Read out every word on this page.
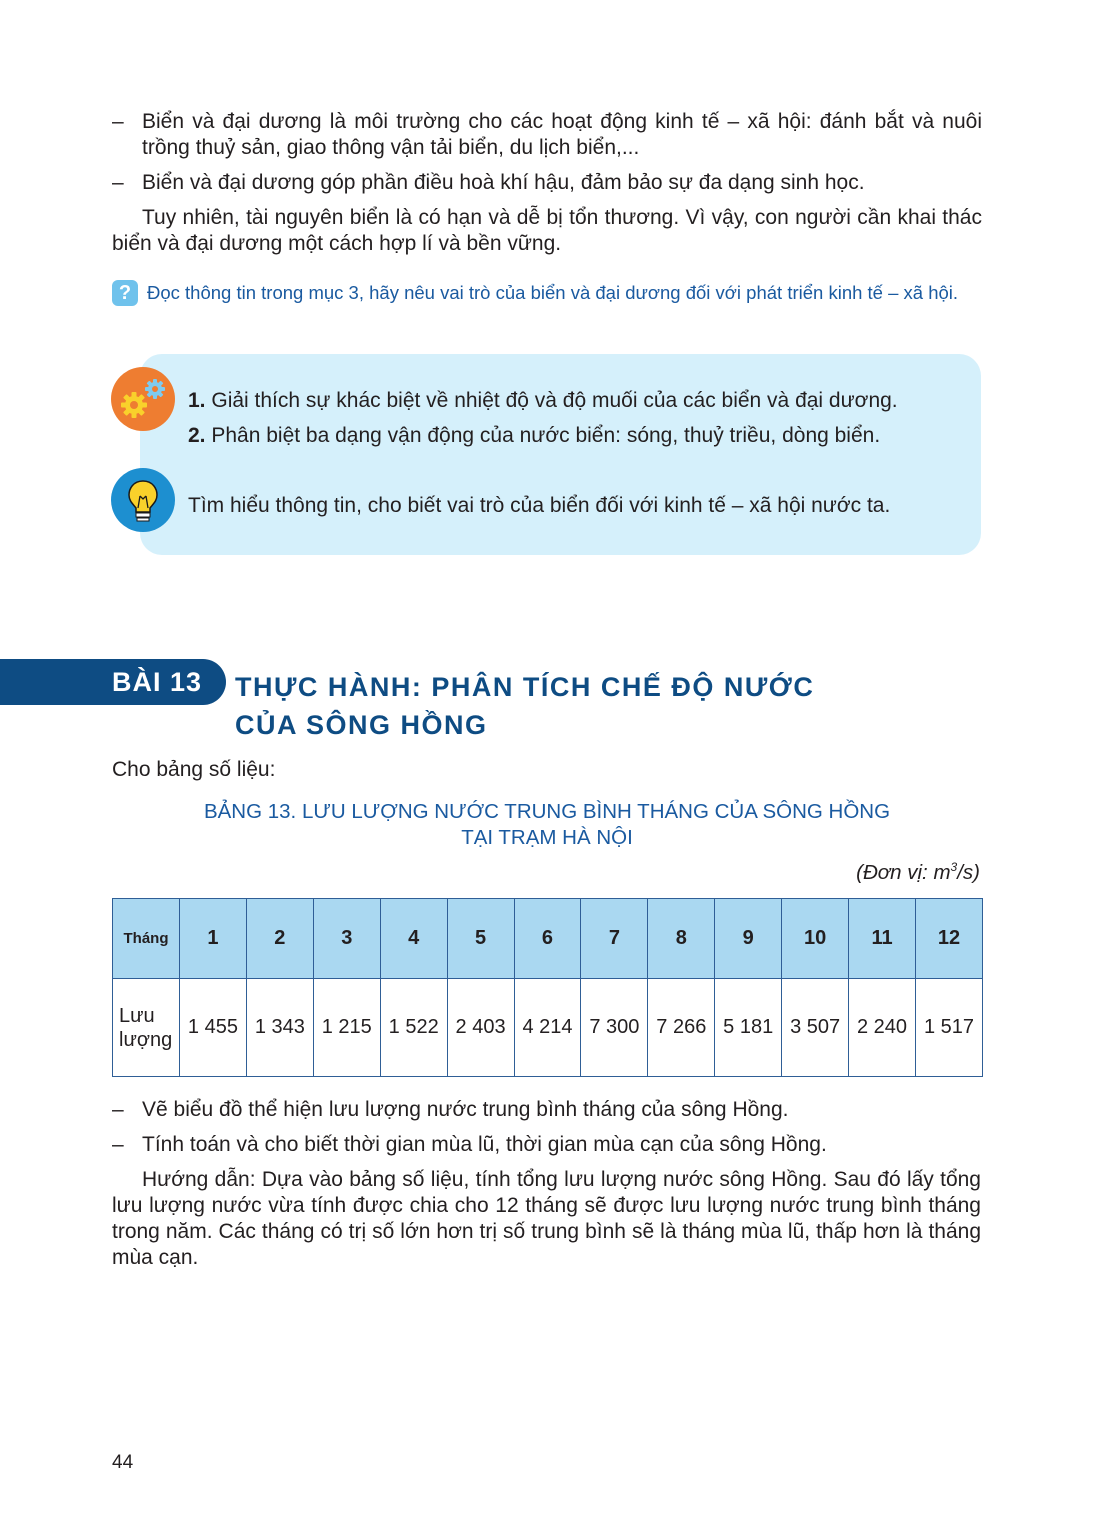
– Biển và đại dương là môi trường cho các hoạt động kinh tế – xã hội: đánh bắt và nuôi trồng thuỷ sản, giao thông vận tải biển, du lịch biển,...
– Biển và đại dương góp phần điều hoà khí hậu, đảm bảo sự đa dạng sinh học.
Tuy nhiên, tài nguyên biển là có hạn và dễ bị tổn thương. Vì vậy, con người cần khai thác biển và đại dương một cách hợp lí và bền vững.
? Đọc thông tin trong mục 3, hãy nêu vai trò của biển và đại dương đối với phát triển kinh tế – xã hội.
1. Giải thích sự khác biệt về nhiệt độ và độ muối của các biển và đại dương.
2. Phân biệt ba dạng vận động của nước biển: sóng, thuỷ triều, dòng biển.
Tìm hiểu thông tin, cho biết vai trò của biển đối với kinh tế – xã hội nước ta.
BÀI 13 THỰC HÀNH: PHÂN TÍCH CHẾ ĐỘ NƯỚC
CỦA SÔNG HỒNG
Cho bảng số liệu:
BẢNG 13. LƯU LƯỢNG NƯỚC TRUNG BÌNH THÁNG CỦA SÔNG HỒNG
TẠI TRẠM HÀ NỘI
(Đơn vị: $m^3/s$)
Tháng	1	2	3	4	5	6	7	8	9	10	11	12
Lưu
lượng	1 455	1 343	1 215	1 522	2 403	4 214	7 300	7 266	5 181	3 507	2 240	1 517
– Vẽ biểu đồ thể hiện lưu lượng nước trung bình tháng của sông Hồng.
– Tính toán và cho biết thời gian mùa lũ, thời gian mùa cạn của sông Hồng.
Hướng dẫn: Dựa vào bảng số liệu, tính tổng lưu lượng nước sông Hồng. Sau đó lấy tổng lưu lượng nước vừa tính được chia cho 12 tháng sẽ được lưu lượng nước trung bình tháng trong năm. Các tháng có trị số lớn hơn trị số trung bình sẽ là tháng mùa lũ, thấp hơn là tháng mùa cạn.
44
